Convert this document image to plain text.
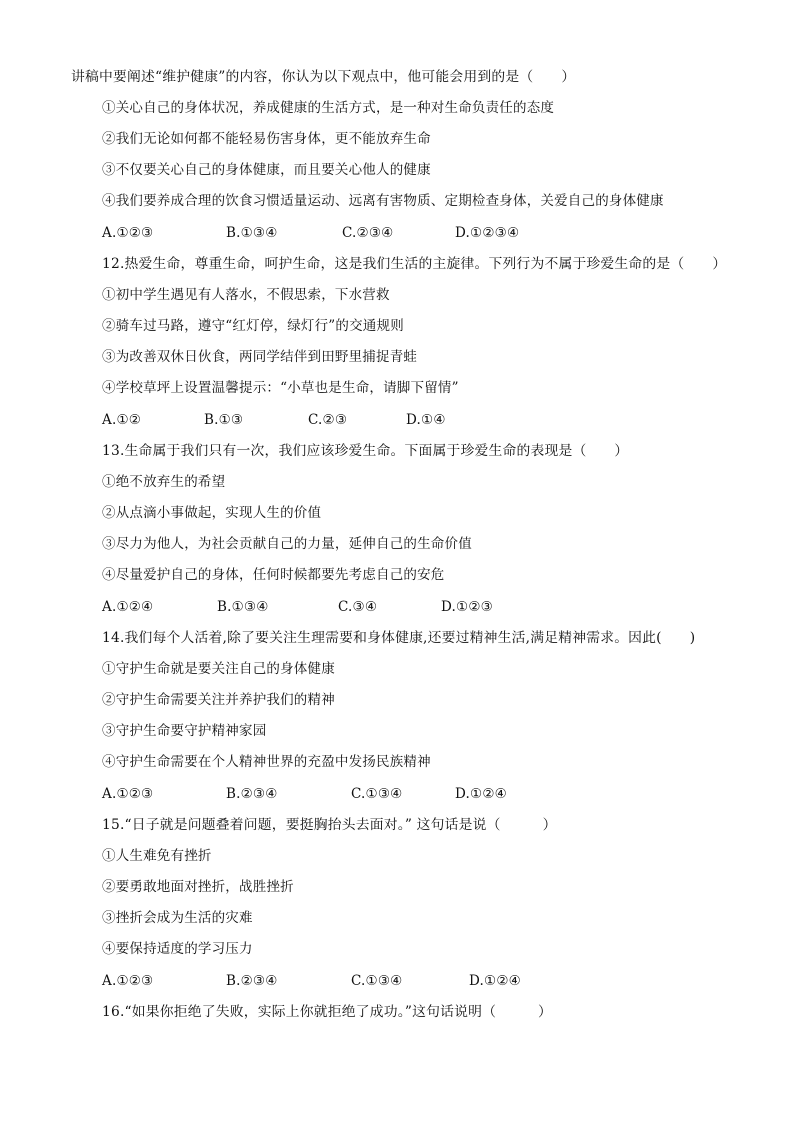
讲稿中要阐述“维护健康”的内容，你认为以下观点中，他可能会用到的是（　　）
①关心自己的身体状况，养成健康的生活方式，是一种对生命负责任的态度
②我们无论如何都不能轻易伤害身体，更不能放弃生命
③不仅要关心自己的身体健康，而且要关心他人的健康
④我们要养成合理的饮食习惯适量运动、远离有害物质、定期检查身体，关爱自己的身体健康
A.①②③	B.①③④	C.②③④	D.①②③④
12.热爱生命，尊重生命，呵护生命，这是我们生活的主旋律。下列行为不属于珍爱生命的是（　　）
①初中学生遇见有人落水，不假思索，下水营救
②骑车过马路，遵守“红灯停，绿灯行”的交通规则
③为改善双休日伙食，两同学结伴到田野里捕捉青蛙
④学校草坪上设置温馨提示：“小草也是生命，请脚下留情”
A.①②	B.①③	C.②③	D.①④
13.生命属于我们只有一次，我们应该珍爱生命。下面属于珍爱生命的表现是（　　）
①绝不放弃生的希望
②从点滴小事做起，实现人生的价值
③尽力为他人，为社会贡献自己的力量，延伸自己的生命价值
④尽量爱护自己的身体，任何时候都要先考虑自己的安危
A.①②④	B.①③④	C.③④	D.①②③
14.我们每个人活着,除了要关注生理需要和身体健康,还要过精神生活,满足精神需求。因此(　　)
①守护生命就是要关注自己的身体健康
②守护生命需要关注并养护我们的精神
③守护生命要守护精神家园
④守护生命需要在个人精神世界的充盈中发扬民族精神
A.①②③	B.②③④	C.①③④	D.①②④
15.“日子就是问题叠着问题，要挺胸抬头去面对。” 这句话是说（　　　）
①人生难免有挫折
②要勇敢地面对挫折，战胜挫折
③挫折会成为生活的灾难
④要保持适度的学习压力
A.①②③	B.②③④	C.①③④	D.①②④
16.“如果你拒绝了失败，实际上你就拒绝了成功。”这句话说明（　　　）
